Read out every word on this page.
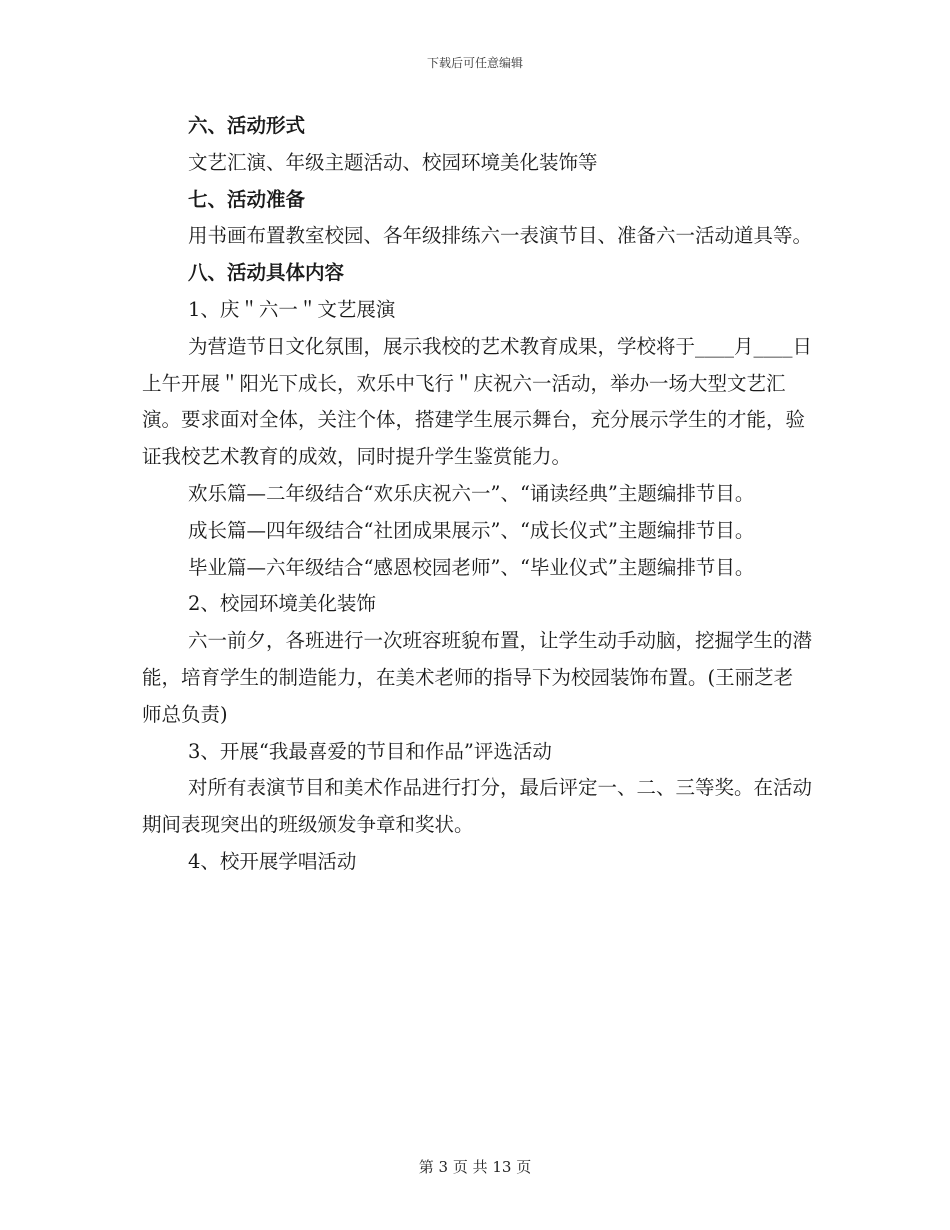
下载后可任意编辑

六、活动形式

文艺汇演、年级主题活动、校园环境美化装饰等

七、活动准备

用书画布置教室校园、各年级排练六一表演节目、准备六一活动道具等。

八、活动具体内容

1、庆＂六一＂文艺展演

为营造节日文化氛围，展示我校的艺术教育成果，学校将于____月____日上午开展＂阳光下成长，欢乐中飞行＂庆祝六一活动，举办一场大型文艺汇演。要求面对全体，关注个体，搭建学生展示舞台，充分展示学生的才能，验证我校艺术教育的成效，同时提升学生鉴赏能力。

欢乐篇—二年级结合“欢乐庆祝六一”、“诵读经典”主题编排节目。

成长篇—四年级结合“社团成果展示”、“成长仪式”主题编排节目。

毕业篇—六年级结合“感恩校园老师”、“毕业仪式”主题编排节目。

2、校园环境美化装饰

六一前夕，各班进行一次班容班貌布置，让学生动手动脑，挖掘学生的潜能，培育学生的制造能力，在美术老师的指导下为校园装饰布置。(王丽芝老师总负责)

3、开展“我最喜爱的节目和作品”评选活动

对所有表演节目和美术作品进行打分，最后评定一、二、三等奖。在活动期间表现突出的班级颁发争章和奖状。

4、校开展学唱活动

第 3 页 共 13 页
